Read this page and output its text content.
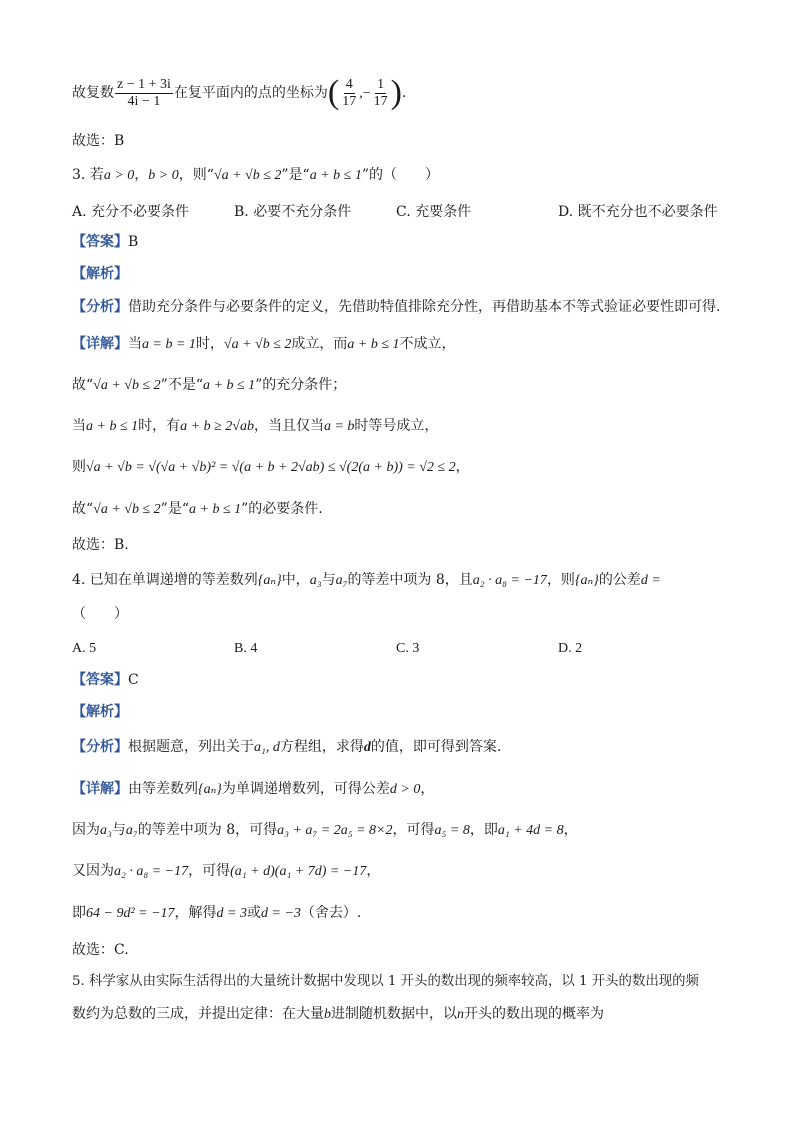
故复数 $\frac{z - 1 + 3i}{4i - 1}$ 在复平面内的点的坐标为( $\frac{4}{17}$ ,− $\frac{1}{17}$ ).
故选：B
3. 若a > 0，b > 0，则“√a + √b ≤ 2”是“a + b ≤ 1”的（　　）
A. 充分不必要条件	B. 必要不充分条件	C. 充要条件	D. 既不充分也不必要条件
【答案】B
【解析】
【分析】借助充分条件与必要条件的定义，先借助特值排除充分性，再借助基本不等式验证必要性即可得.
【详解】当a = b = 1时，√a + √b ≤ 2成立，而a + b ≤ 1不成立，
故“√a + √b ≤ 2”不是“a + b ≤ 1”的充分条件；
当a + b ≤ 1时，有a + b ≥ 2√ab，当且仅当a = b时等号成立，
则√a + √b = √(√a + √b)² = √(a + b + 2√ab) ≤ √(2(a + b)) = √2 ≤ 2，
故“√a + √b ≤ 2”是“a + b ≤ 1”的必要条件.
故选：B.
4. 已知在单调递增的等差数列{aₙ}中，a₃与a₇的等差中项为 8，且a₂ · a₈ = −17，则{aₙ}的公差d =
（　　）
A. 5	B. 4	C. 3	D. 2
【答案】C
【解析】
【分析】根据题意，列出关于a₁, d方程组，求得d的值，即可得到答案.
【详解】由等差数列{aₙ}为单调递增数列，可得公差d > 0，
因为a₃与a₇的等差中项为 8，可得a₃ + a₇ = 2a₅ = 8×2，可得a₅ = 8，即a₁ + 4d = 8，
又因为a₂ · a₈ = −17，可得(a₁ + d)(a₁ + 7d) = −17，
即64 − 9d² = −17，解得d = 3或d = −3（舍去）.
故选：C.
5. 科学家从由实际生活得出的大量统计数据中发现以 1 开头的数出现的频率较高，以 1 开头的数出现的频
数约为总数的三成，并提出定律：在大量b进制随机数据中，以n开头的数出现的概率为
